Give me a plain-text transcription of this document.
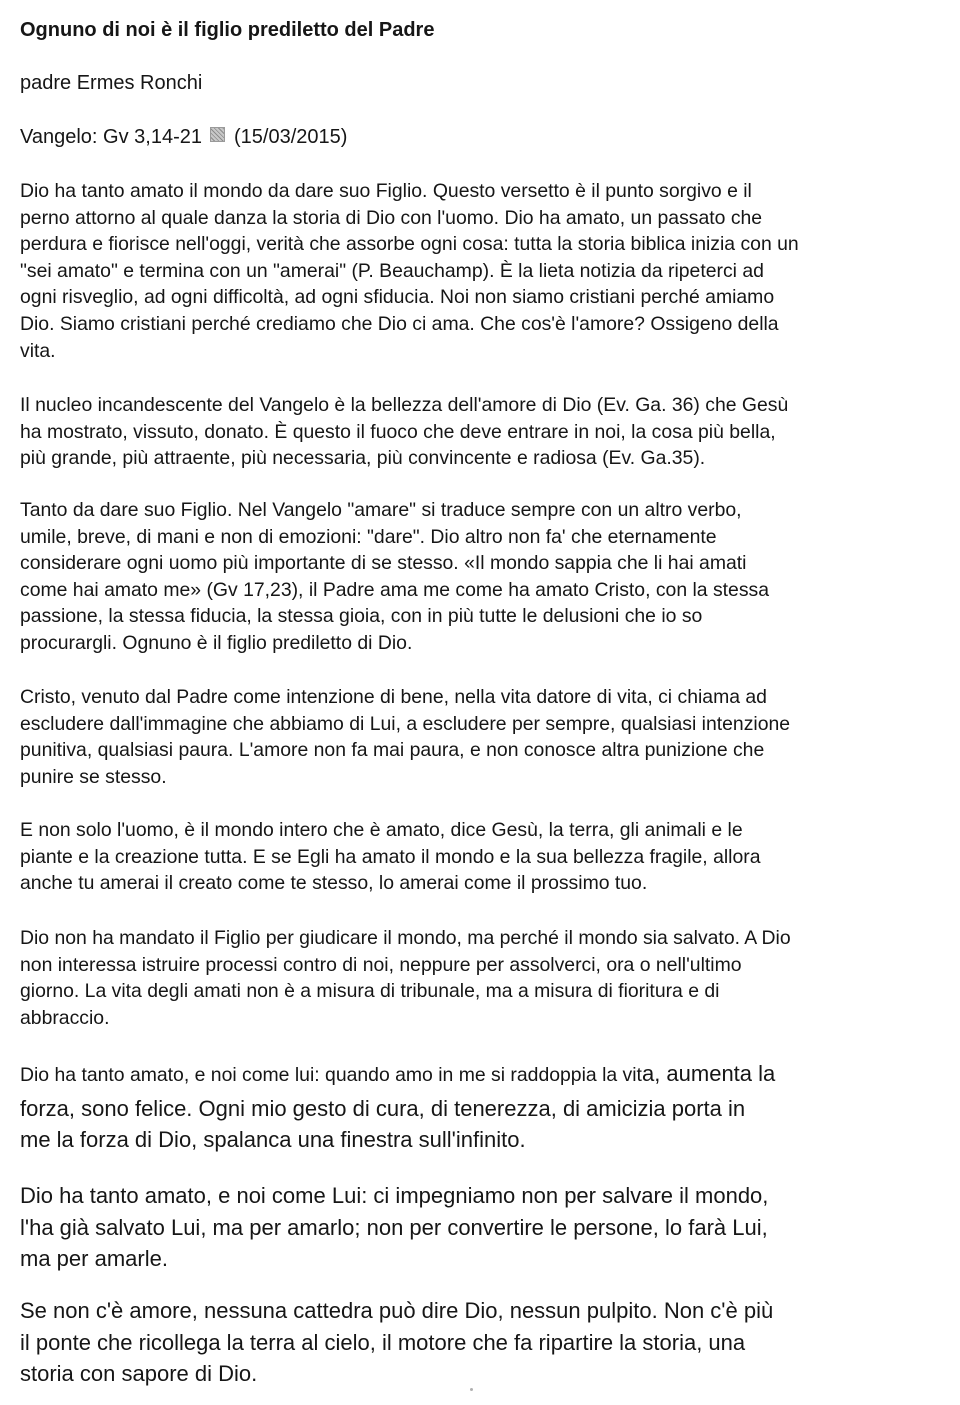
Ognuno di noi è il figlio prediletto del Padre
padre Ermes Ronchi
Vangelo: Gv 3,14-21 (15/03/2015)
Dio ha tanto amato il mondo da dare suo Figlio. Questo versetto è il punto sorgivo e il
perno attorno al quale danza la storia di Dio con l'uomo. Dio ha amato, un passato che
perdura e fiorisce nell'oggi, verità che assorbe ogni cosa: tutta la storia biblica inizia con un
"sei amato" e termina con un "amerai" (P. Beauchamp). È la lieta notizia da ripeterci ad
ogni risveglio, ad ogni difficoltà, ad ogni sfiducia. Noi non siamo cristiani perché amiamo
Dio. Siamo cristiani perché crediamo che Dio ci ama. Che cos'è l'amore? Ossigeno della
vita.
Il nucleo incandescente del Vangelo è la bellezza dell'amore di Dio (Ev. Ga. 36) che Gesù
ha mostrato, vissuto, donato. È questo il fuoco che deve entrare in noi, la cosa più bella,
più grande, più attraente, più necessaria, più convincente e radiosa (Ev. Ga.35).
Tanto da dare suo Figlio. Nel Vangelo "amare" si traduce sempre con un altro verbo,
umile, breve, di mani e non di emozioni: "dare". Dio altro non fa' che eternamente
considerare ogni uomo più importante di se stesso. «Il mondo sappia che li hai amati
come hai amato me» (Gv 17,23), il Padre ama me come ha amato Cristo, con la stessa
passione, la stessa fiducia, la stessa gioia, con in più tutte le delusioni che io so
procurargli. Ognuno è il figlio prediletto di Dio.
Cristo, venuto dal Padre come intenzione di bene, nella vita datore di vita, ci chiama ad
escludere dall'immagine che abbiamo di Lui, a escludere per sempre, qualsiasi intenzione
punitiva, qualsiasi paura. L'amore non fa mai paura, e non conosce altra punizione che
punire se stesso.
E non solo l'uomo, è il mondo intero che è amato, dice Gesù, la terra, gli animali e le
piante e la creazione tutta. E se Egli ha amato il mondo e la sua bellezza fragile, allora
anche tu amerai il creato come te stesso, lo amerai come il prossimo tuo.
Dio non ha mandato il Figlio per giudicare il mondo, ma perché il mondo sia salvato. A Dio
non interessa istruire processi contro di noi, neppure per assolverci, ora o nell'ultimo
giorno. La vita degli amati non è a misura di tribunale, ma a misura di fioritura e di
abbraccio.
Dio ha tanto amato, e noi come lui: quando amo in me si raddoppia la vita, aumenta la
forza, sono felice. Ogni mio gesto di cura, di tenerezza, di amicizia porta in
me la forza di Dio, spalanca una finestra sull'infinito.
Dio ha tanto amato, e noi come Lui: ci impegniamo non per salvare il mondo,
l'ha già salvato Lui, ma per amarlo; non per convertire le persone, lo farà Lui,
ma per amarle.
Se non c'è amore, nessuna cattedra può dire Dio, nessun pulpito. Non c'è più
il ponte che ricollega la terra al cielo, il motore che fa ripartire la storia, una
storia con sapore di Dio.
